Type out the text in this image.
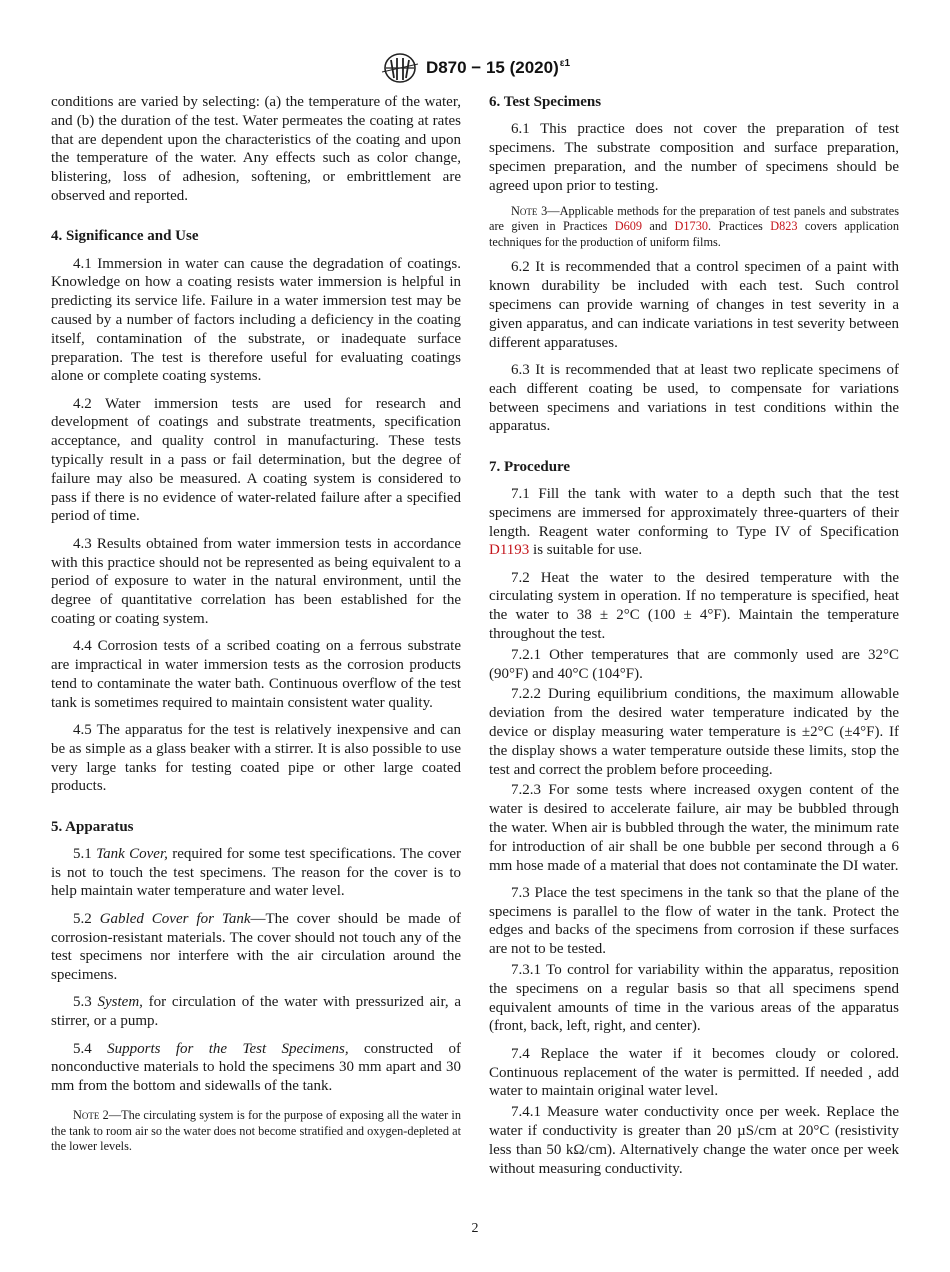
D870 − 15 $(2020)^{\varepsilon 1}$

conditions are varied by selecting: (a) the temperature of the water, and (b) the duration of the test. Water permeates the coating at rates that are dependent upon the characteristics of the coating and upon the temperature of the water. Any effects such as color change, blistering, loss of adhesion, softening, or embrittlement are observed and reported.

4. Significance and Use

4.1 Immersion in water can cause the degradation of coatings. Knowledge on how a coating resists water immersion is helpful in predicting its service life. Failure in a water immersion test may be caused by a number of factors including a deficiency in the coating itself, contamination of the substrate, or inadequate surface preparation. The test is therefore useful for evaluating coatings alone or complete coating systems.

4.2 Water immersion tests are used for research and development of coatings and substrate treatments, specification acceptance, and quality control in manufacturing. These tests typically result in a pass or fail determination, but the degree of failure may also be measured. A coating system is considered to pass if there is no evidence of water-related failure after a specified period of time.

4.3 Results obtained from water immersion tests in accordance with this practice should not be represented as being equivalent to a period of exposure to water in the natural environment, until the degree of quantitative correlation has been established for the coating or coating system.

4.4 Corrosion tests of a scribed coating on a ferrous substrate are impractical in water immersion tests as the corrosion products tend to contaminate the water bath. Continuous overflow of the test tank is sometimes required to maintain consistent water quality.

4.5 The apparatus for the test is relatively inexpensive and can be as simple as a glass beaker with a stirrer. It is also possible to use very large tanks for testing coated pipe or other large coated products.

5. Apparatus

5.1 Tank Cover, required for some test specifications. The cover is not to touch the test specimens. The reason for the cover is to help maintain water temperature and water level.

5.2 Gabled Cover for Tank—The cover should be made of corrosion-resistant materials. The cover should not touch any of the test specimens nor interfere with the air circulation around the specimens.

5.3 System, for circulation of the water with pressurized air, a stirrer, or a pump.

5.4 Supports for the Test Specimens, constructed of nonconductive materials to hold the specimens 30 mm apart and 30 mm from the bottom and sidewalls of the tank.

Note 2—The circulating system is for the purpose of exposing all the water in the tank to room air so the water does not become stratified and oxygen-depleted at the lower levels.

6. Test Specimens

6.1 This practice does not cover the preparation of test specimens. The substrate composition and surface preparation, specimen preparation, and the number of specimens should be agreed upon prior to testing.

Note 3—Applicable methods for the preparation of test panels and substrates are given in Practices D609 and D1730. Practices D823 covers application techniques for the production of uniform films.

6.2 It is recommended that a control specimen of a paint with known durability be included with each test. Such control specimens can provide warning of changes in test severity in a given apparatus, and can indicate variations in test severity between different apparatuses.

6.3 It is recommended that at least two replicate specimens of each different coating be used, to compensate for variations between specimens and variations in test conditions within the apparatus.

7. Procedure

7.1 Fill the tank with water to a depth such that the test specimens are immersed for approximately three-quarters of their length. Reagent water conforming to Type IV of Specification D1193 is suitable for use.

7.2 Heat the water to the desired temperature with the circulating system in operation. If no temperature is specified, heat the water to 38 ± 2°C (100 ± 4°F). Maintain the temperature throughout the test.

7.2.1 Other temperatures that are commonly used are 32°C (90°F) and 40°C (104°F).

7.2.2 During equilibrium conditions, the maximum allowable deviation from the desired water temperature indicated by the device or display measuring water temperature is ±2°C (±4°F). If the display shows a water temperature outside these limits, stop the test and correct the problem before proceeding.

7.2.3 For some tests where increased oxygen content of the water is desired to accelerate failure, air may be bubbled through the water. When air is bubbled through the water, the minimum rate for introduction of air shall be one bubble per second through a 6 mm hose made of a material that does not contaminate the DI water.

7.3 Place the test specimens in the tank so that the plane of the specimens is parallel to the flow of water in the tank. Protect the edges and backs of the specimens from corrosion if these surfaces are not to be tested.

7.3.1 To control for variability within the apparatus, reposition the specimens on a regular basis so that all specimens spend equivalent amounts of time in the various areas of the apparatus (front, back, left, right, and center).

7.4 Replace the water if it becomes cloudy or colored. Continuous replacement of the water is permitted. If needed , add water to maintain original water level.

7.4.1 Measure water conductivity once per week. Replace the water if conductivity is greater than 20 µS/cm at 20°C (resistivity less than 50 kΩ/cm). Alternatively change the water once per week without measuring conductivity.

2
